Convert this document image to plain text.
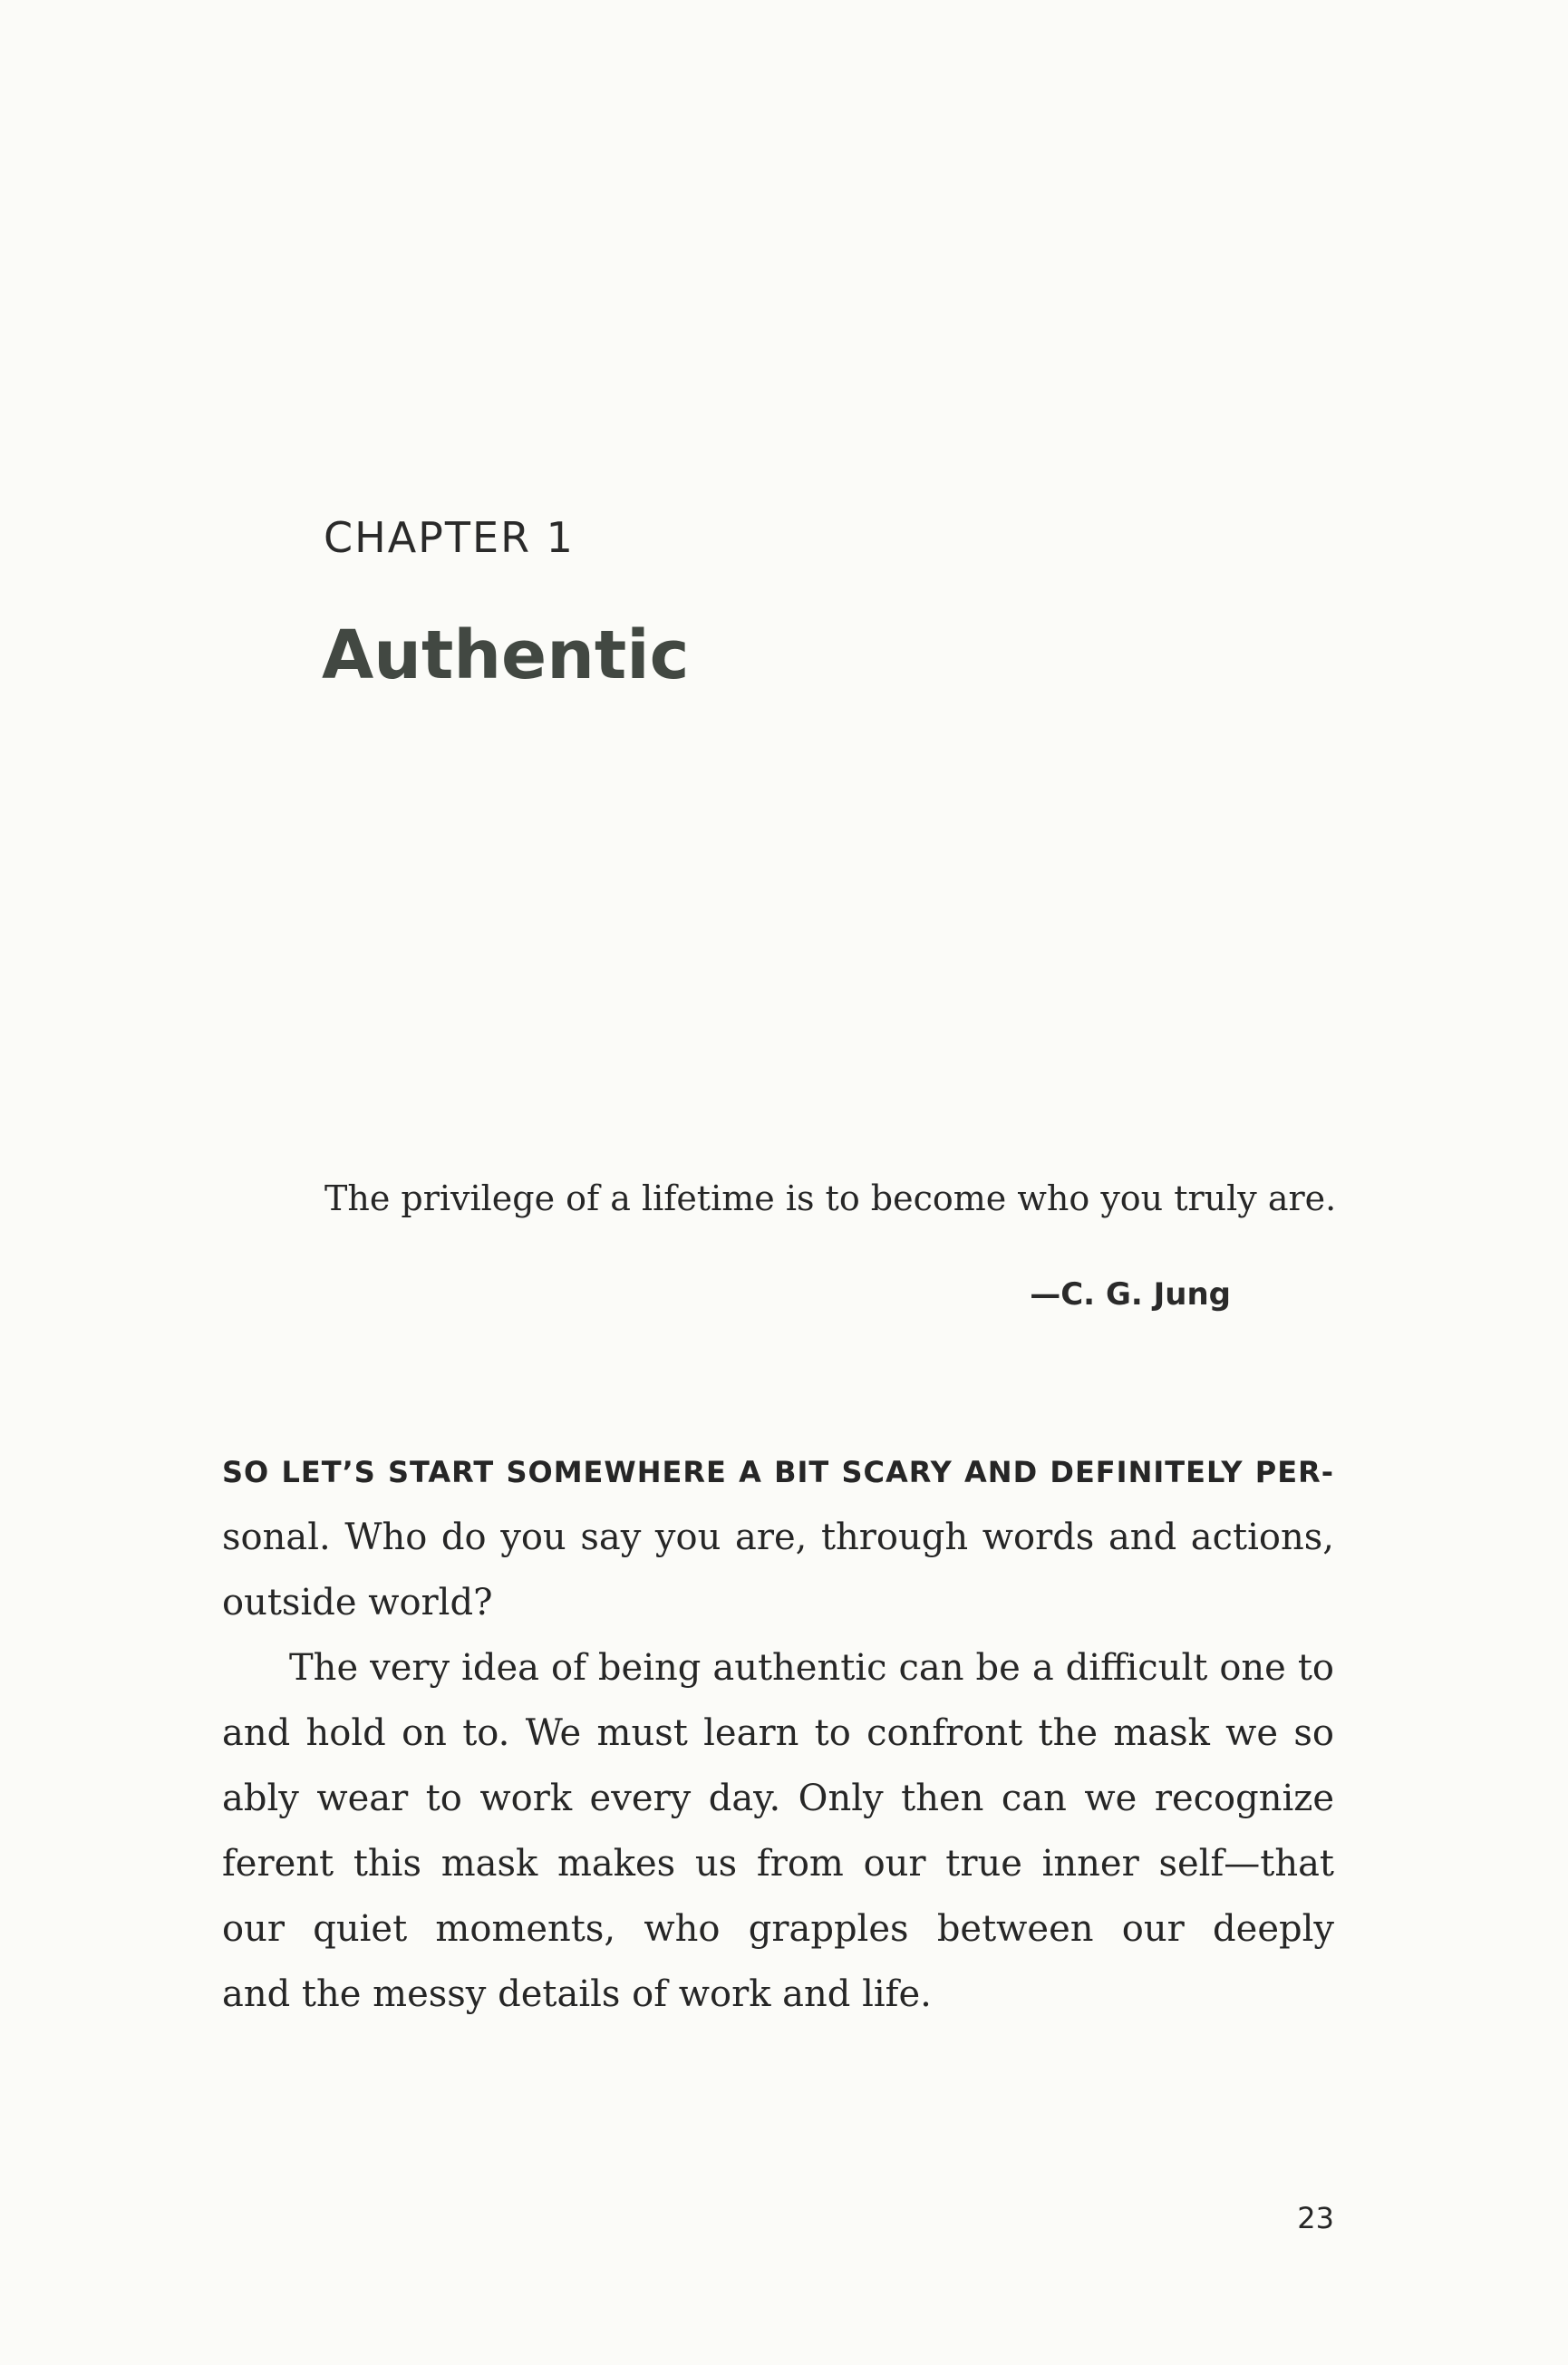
CHAPTER 1
Authentic
The privilege of a lifetime is to become who you truly are.
—C. G. Jung
SO LET’S START SOMEWHERE A BIT SCARY AND DEFINITELY PER-
sonal. Who do you say you are, through words and actions,
outside world?
The very idea of being authentic can be a difficult one to
and hold on to. We must learn to confront the mask we so
ably wear to work every day. Only then can we recognize
ferent this mask makes us from our true inner self—that
our quiet moments, who grapples between our deeply
and the messy details of work and life.
23
